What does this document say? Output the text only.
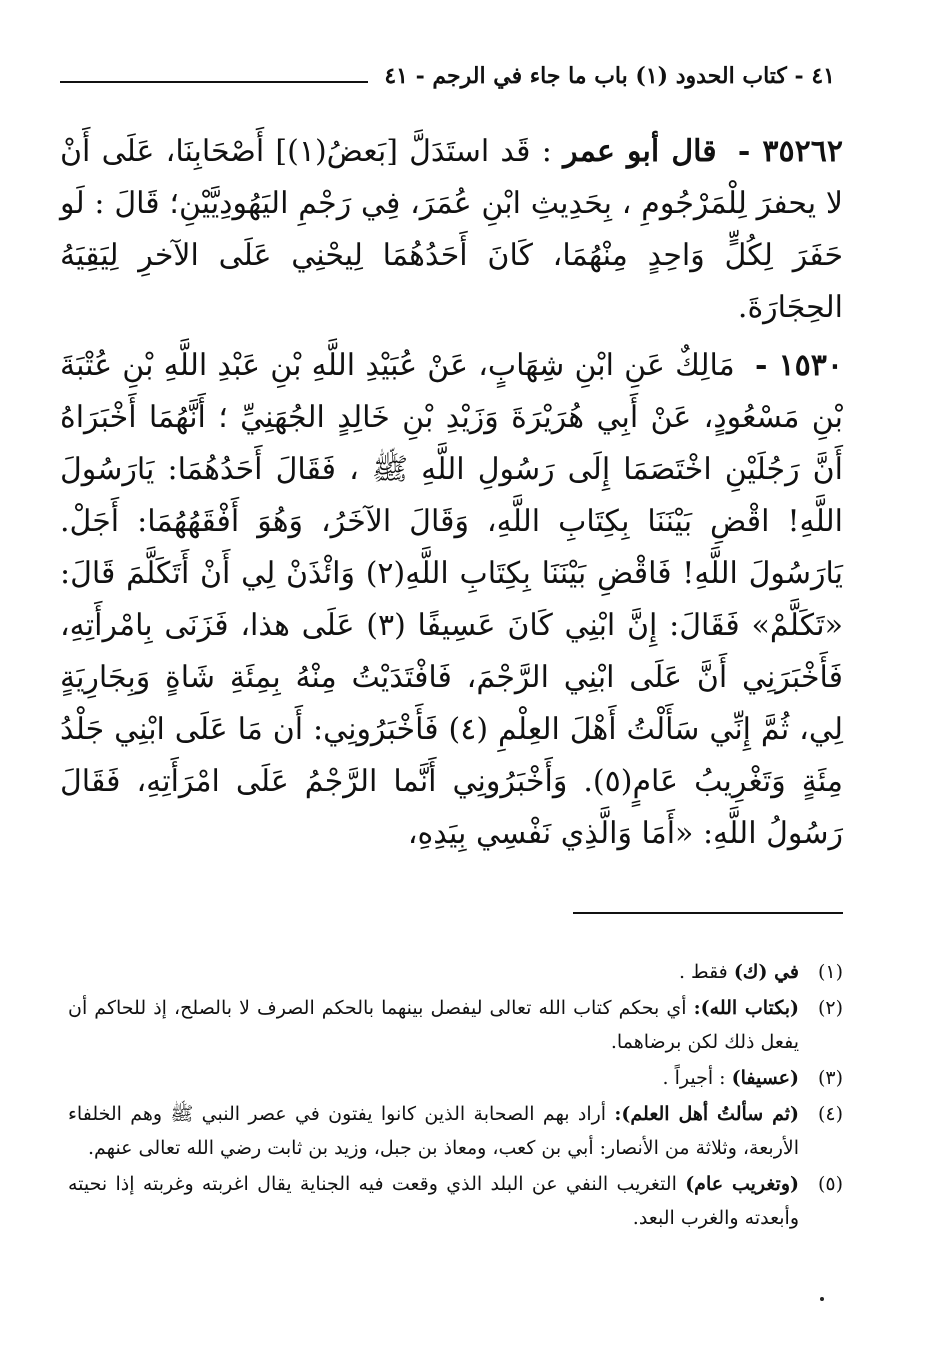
٤١ - كتاب الحدود (١) باب ما جاء في الرجم - ٤١

٣٥٢٦٢ - قال أبو عمر : قَد استَدَلَّ [بَعضُ(١)] أَصْحَابِنَا، عَلَى أَنْ لا يحفرَ لِلْمَرْجُومِ ، بِحَدِيثِ ابْنِ عُمَرَ، فِي رَجْمِ اليَهُودِيَّيْنِ؛ قَالَ : لَو حَفَرَ لِكُلٍّ وَاحِدٍ مِنْهُمَا، كَانَ أَحَدُهُمَا لِيحْنِي عَلَى الآخرِ لِيَقِيَهُ الحِجَارَةَ.

١٥٣٠ - مَالِكٌ عَنِ ابْنِ شِهَابٍ، عَنْ عُبَيْدِ اللَّهِ بْنِ عَبْدِ اللَّهِ بْنِ عُتْبَةَ بْنِ مَسْعُودٍ، عَنْ أَبِي هُرَيْرَةَ وَزَيْدِ بْنِ خَالِدٍ الجُهَنِيِّ ؛ أَنَّهُمَا أَخْبَرَاهُ أَنَّ رَجُلَيْنِ اخْتَصَمَا إِلَى رَسُولِ اللَّهِ ﷺ ، فَقَالَ أَحَدُهُمَا: يَارَسُولَ اللَّهِ! اقْضِ بَيْنَنَا بِكِتَابِ اللَّهِ، وَقَالَ الآخَرُ، وَهُوَ أَفْقَهُهُمَا: أَجَلْ. يَارَسُولَ اللَّهِ! فَاقْضِ بَيْنَنَا بِكِتَابِ اللَّهِ(٢) وَائْذَنْ لِي أَنْ أَتَكَلَّمَ قَالَ: «تَكَلَّمْ» فَقَالَ: إِنَّ ابْنِي كَانَ عَسِيفًا (٣) عَلَى هذا، فَزَنَى بِامْرأَتِهِ، فَأَخْبَرَنِي أَنَّ عَلَى ابْنِي الرَّجْمَ، فَافْتَدَيْتُ مِنْهُ بِمِئَةِ شَاةٍ وَبِجَارِيَةٍ لِي، ثُمَّ إِنِّي سَأَلْتُ أَهْلَ العِلْمِ (٤) فَأَخْبَرُونِي: أَن مَا عَلَى ابْنِي جَلْدُ مِئَةٍ وَتَغْرِيبُ عَامٍ(٥). وَأَخْبَرُونِي أَنَّما الرَّجْمُ عَلَى امْرَأَتِهِ، فَقَالَ رَسُولُ اللَّهِ: «أَمَا وَالَّذِي نَفْسِي بِيَدِهِ،

(١)
في (ك) فقط .
(٢)
(بكتاب الله): أي بحكم كتاب الله تعالى ليفصل بينهما بالحكم الصرف لا بالصلح، إذ للحاكم أن يفعل ذلك لكن برضاهما.
(٣)
(عسيفا) : أجيراً .
(٤)
(ثم سألتُ أهل العلم): أراد بهم الصحابة الذين كانوا يفتون في عصر النبي ﷺ وهم الخلفاء الأربعة، وثلاثة من الأنصار: أبي بن كعب، ومعاذ بن جبل، وزيد بن ثابت رضي الله تعالى عنهم.
(٥)
(وتغريب عام) التغريب النفي عن البلد الذي وقعت فيه الجناية يقال اغربته وغربته إذا نحيته وأبعدته والغرب البعد.
